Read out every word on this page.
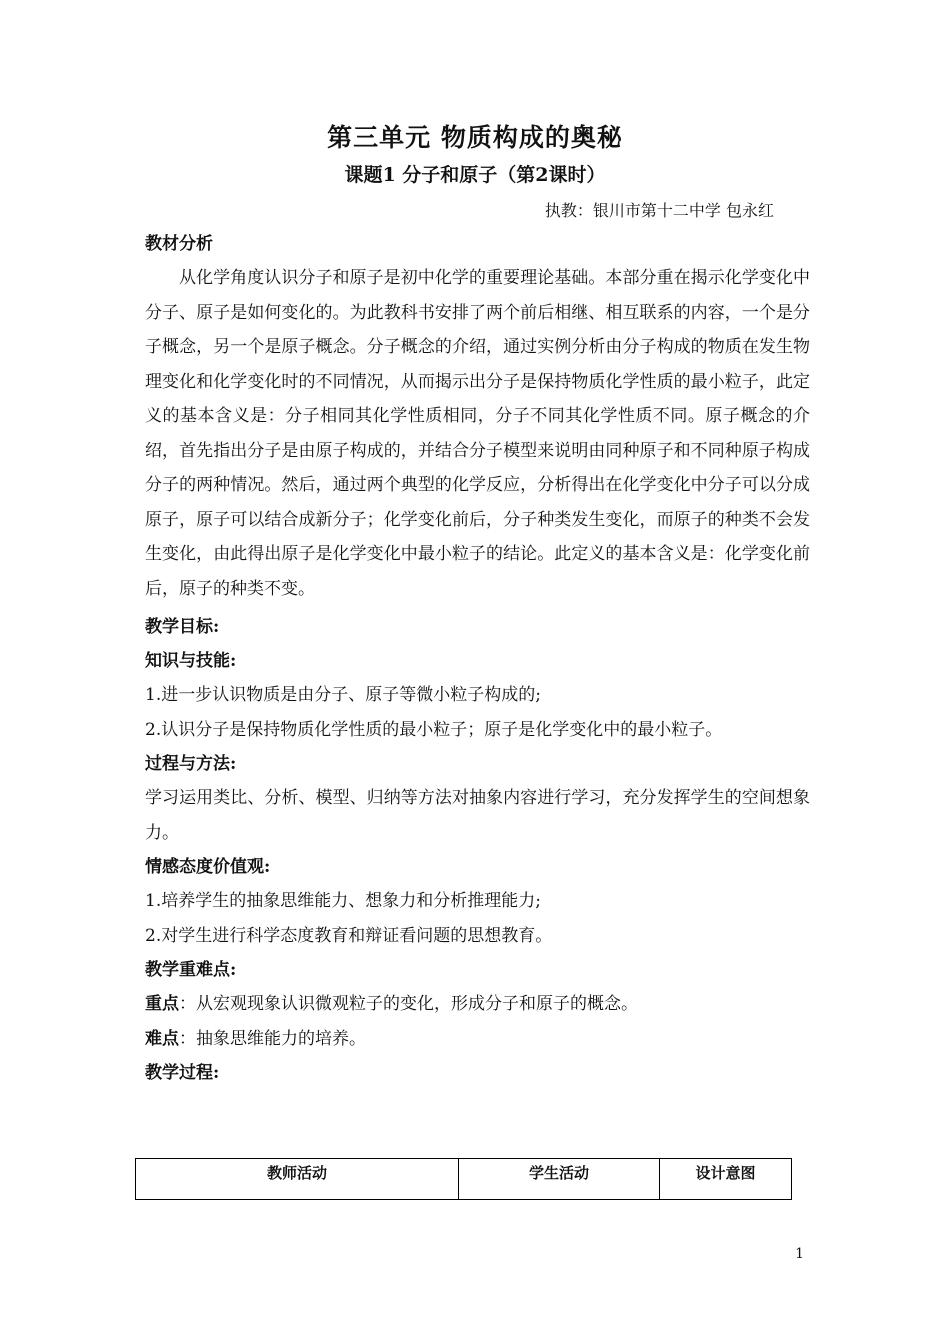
第三单元 物质构成的奥秘
课题1 分子和原子（第2课时）
执教：银川市第十二中学 包永红
教材分析
从化学角度认识分子和原子是初中化学的重要理论基础。本部分重在揭示化学变化中分子、原子是如何变化的。为此教科书安排了两个前后相继、相互联系的内容，一个是分子概念，另一个是原子概念。分子概念的介绍，通过实例分析由分子构成的物质在发生物理变化和化学变化时的不同情况，从而揭示出分子是保持物质化学性质的最小粒子，此定义的基本含义是：分子相同其化学性质相同，分子不同其化学性质不同。原子概念的介绍，首先指出分子是由原子构成的，并结合分子模型来说明由同种原子和不同种原子构成分子的两种情况。然后，通过两个典型的化学反应，分析得出在化学变化中分子可以分成原子，原子可以结合成新分子；化学变化前后，分子种类发生变化，而原子的种类不会发生变化，由此得出原子是化学变化中最小粒子的结论。此定义的基本含义是：化学变化前后，原子的种类不变。
教学目标:
知识与技能:
1.进一步认识物质是由分子、原子等微小粒子构成的;
2.认识分子是保持物质化学性质的最小粒子；原子是化学变化中的最小粒子。
过程与方法:
学习运用类比、分析、模型、归纳等方法对抽象内容进行学习，充分发挥学生的空间想象力。
情感态度价值观:
1.培养学生的抽象思维能力、想象力和分析推理能力;
2.对学生进行科学态度教育和辩证看问题的思想教育。
教学重难点:
重点：从宏观现象认识微观粒子的变化，形成分子和原子的概念。
难点：抽象思维能力的培养。
教学过程:
教师活动	学生活动	设计意图
1
